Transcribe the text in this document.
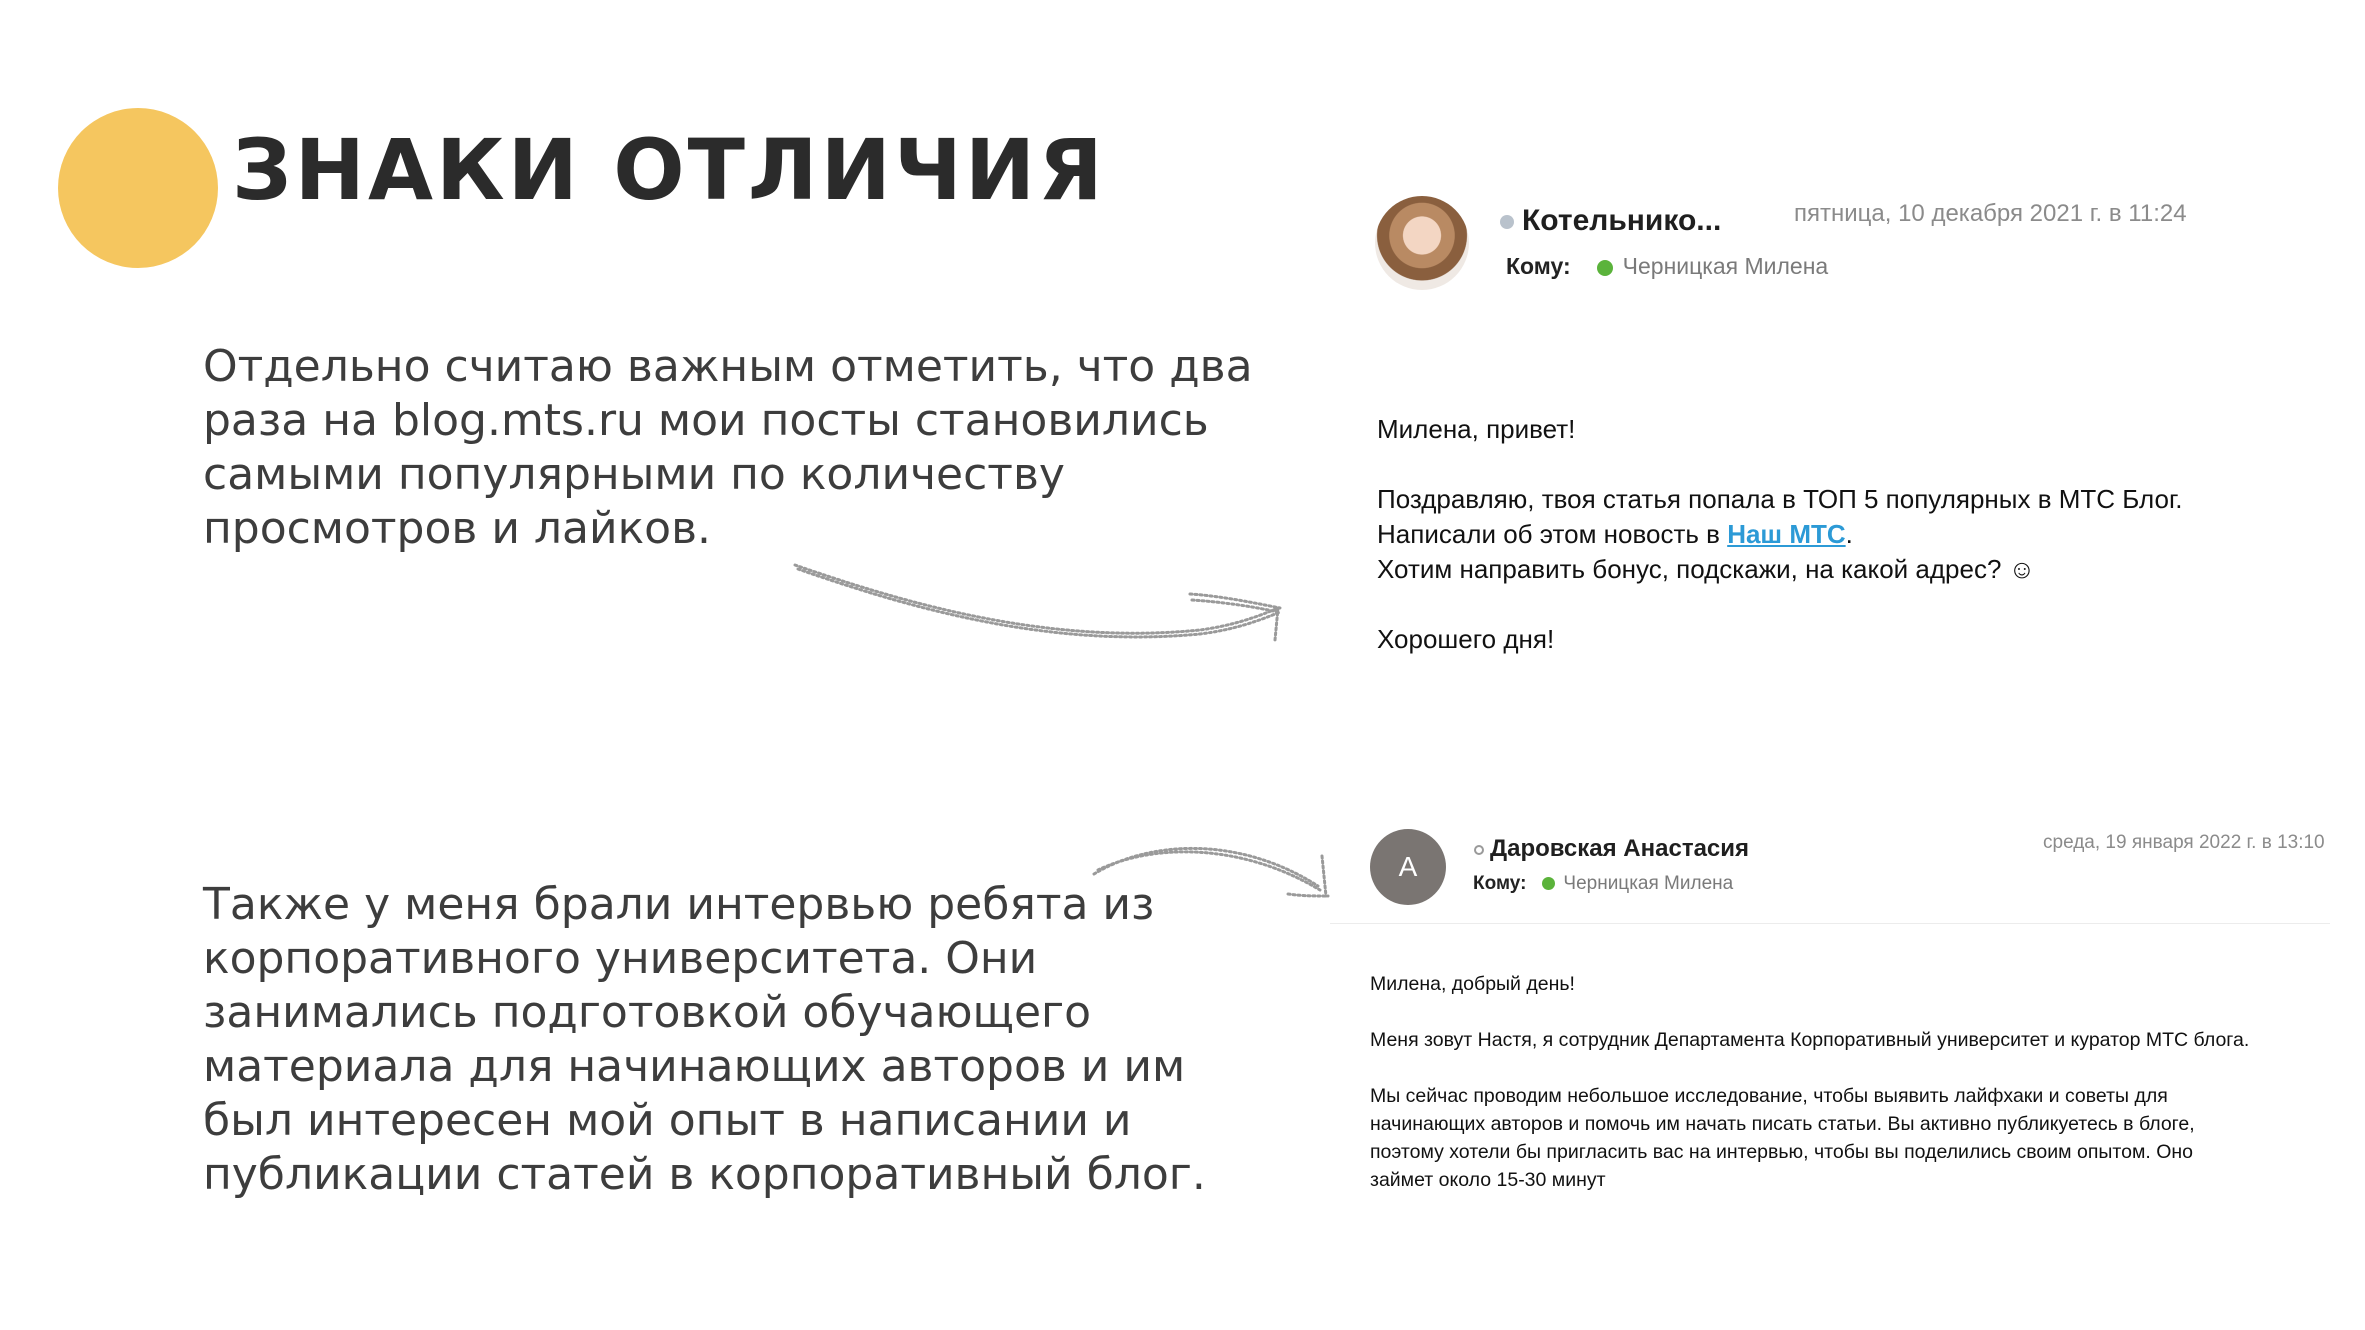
ЗНАКИ ОТЛИЧИЯ

Отдельно считаю важным отметить, что два раза на blog.mts.ru мои посты становились самыми популярными по количеству просмотров и лайков.

Также у меня брали интервью ребята из корпоративного университета. Они занимались подготовкой обучающего материала для начинающих авторов и им был интересен мой опыт в написании и публикации статей в корпоративный блог.

Котельнико...	пятница, 10 декабря 2021 г. в 11:24
Кому: Черницкая Милена

Милена, привет!

Поздравляю, твоя статья попала в ТОП 5 популярных в МТС Блог.

Написали об этом новость в Наш МТС.

Хотим направить бонус, подскажи, на какой адрес? ☺

Хорошего дня!

А
Даровская Анастасия	среда, 19 января 2022 г. в 13:10
Кому: Черницкая Милена

Милена, добрый день!

Меня зовут Настя, я сотрудник Департамента Корпоративный университет и куратор МТС блога.

Мы сейчас проводим небольшое исследование, чтобы выявить лайфхаки и советы для

начинающих авторов и помочь им начать писать статьи. Вы активно публикуетесь в блоге,

поэтому хотели бы пригласить вас на интервью, чтобы вы поделились своим опытом. Оно

займет около 15-30 минут
